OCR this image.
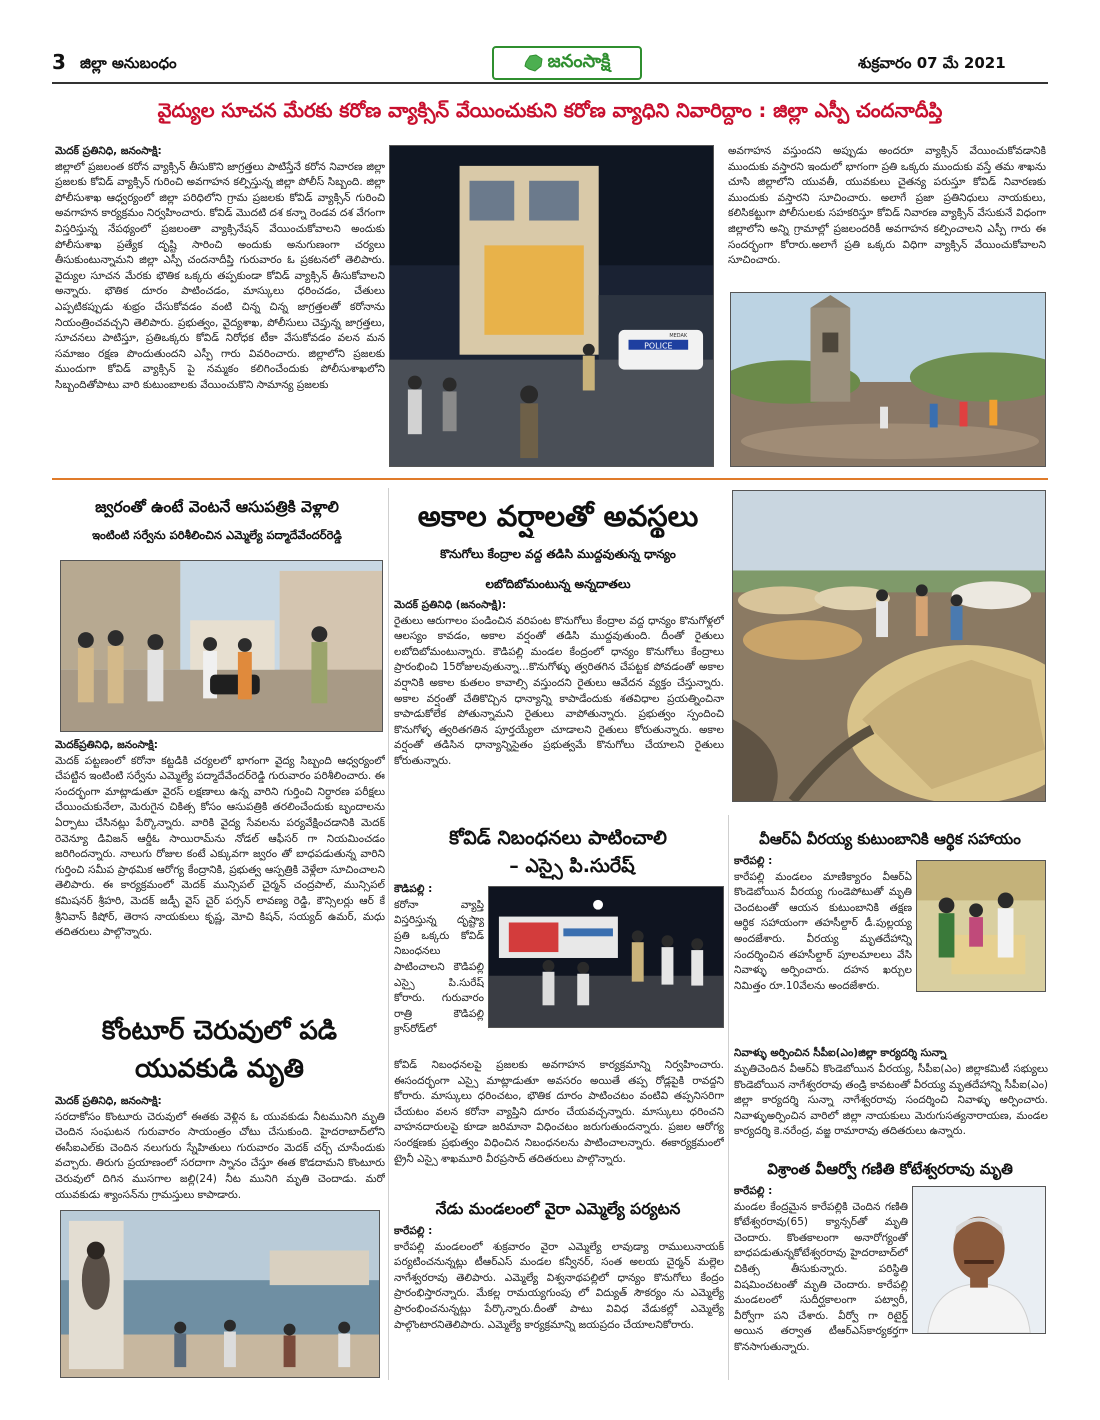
3 జిల్లా అనుబంధం	జనంసాక్షి	శుక్రవారం 07 మే 2021
వైద్యుల సూచన మేరకు కరోణ వ్యాక్సిన్ వేయించుకుని కరోణ వ్యాధిని నివారిద్దాం : జిల్లా ఎస్పీ చందనాదీప్తి
మెదక్ ప్రతినిధి, జనంసాక్షి:
జిల్లాలో ప్రజలంత కరోన వ్యాక్సిన్ తీసుకొని జాగ్రత్తలు పాటిస్తేనే కరోన నివారణ జిల్లా ప్రజలకు కోవిడ్ వ్యాక్సిన్ గురించి అవగాహన కల్పిస్తున్న జిల్లా పోలీస్ సిబ్బంది. జిల్లా పోలీసుశాఖ ఆధ్వర్యంలో జిల్లా పరిధిలోని గ్రామ ప్రజలకు కోవిడ్ వ్యాక్సిన్ గురించి అవగాహన కార్యక్రమం నిర్వహించారు. కోవిడ్ మొదటి దశ కన్నా రెండవ దశ వేగంగా విస్తరిస్తున్న నేపథ్యంలో ప్రజలంతా వ్యాక్సినేషన్ వేయించుకోవాలని అందుకు పోలీసుశాఖ ప్రత్యేక దృష్టి సారించి అందుకు అనుగుణంగా చర్యలు తీసుకుంటున్నామని జిల్లా ఎస్పీ చందనాదీప్తి గురువారం ఓ ప్రకటనలో తెలిపారు. వైద్యుల సూచన మేరకు భౌతిక ఒక్కరు తప్పకుండా కోవిడ్ వ్యాక్సిన్ తీసుకోవాలని అన్నారు. భౌతిక దూరం పాటించడం, మాస్కులు ధరించడం, చేతులు ఎప్పటికప్పుడు శుభ్రం చేసుకోవడం వంటి చిన్న చిన్న జాగ్రత్తలతో కరోనాను నియంత్రించవచ్చని తెలిపారు. ప్రభుత్వం, వైద్యశాఖ, పోలీసులు చెప్తున్న జాగ్రత్తలు, సూచనలు పాటిస్తూ, ప్రతిఒక్కరు కోవిడ్ నిరోధక టీకా వేసుకోవడం వలన మన సమాజం రక్షణ పొందుతుందని ఎస్పీ గారు వివరించారు. జిల్లాలోని ప్రజలకు ముందుగా కోవిడ్ వ్యాక్సిన్ పై నమ్మకం కలిగించేందుకు పోలీసుశాఖలోని సిబ్బందితోపాటు వారి కుటుంబాలకు వేయించుకొని సామాన్య ప్రజలకు
POLICE
MEDAK
అవగాహన వస్తుందని అప్పుడు అందరూ వ్యాక్సిన్ వేయించుకోవడానికి ముందుకు వస్తారని ఇందులో భాగంగా ప్రతి ఒక్కరు ముందుకు వస్తే తమ శాఖను చూసి జిల్లాలోని యువతీ, యువకులు చైతన్య పరుస్తూ కోవిడ్ నివారణకు ముందుకు వస్తారని సూచించారు. అలాగే ప్రజా ప్రతినిధులు నాయకులు, కలిసికట్టుగా పోలీసులకు సహకరిస్తూ కోవిడ్ నివారణ వ్యాక్సిన్ వేసుకునే విధంగా జిల్లాలోని అన్ని గ్రామాల్లో ప్రజలందరికీ అవగాహన కల్పించాలని ఎస్పీ గారు ఈ సందర్భంగా కోరారు.అలాగే ప్రతి ఒక్కరు విధిగా వ్యాక్సిన్ వేయించుకోవాలని సూచించారు.
జ్వరంతో ఉంటే వెంటనే ఆసుపత్రికి వెళ్లాలి
ఇంటింటి సర్వేను పరిశీలించిన ఎమ్మెల్యే పద్మాదేవేందర్‌రెడ్డి
మెదక్‌ప్రతినిధి, జనంసాక్షి:
మెదక్ పట్టణంలో కరోనా కట్టడికి చర్యలలో భాగంగా వైద్య సిబ్బంది ఆధ్వర్యంలో చేపట్టిన ఇంటింటి సర్వేను ఎమ్మెల్యే పద్మాదేవేందర్‌రెడ్డి గురువారం పరిశీలించారు. ఈ సందర్భంగా మాట్లాడుతూ వైరస్ లక్షణాలు ఉన్న వారిని గుర్తించి నిర్ధారణ పరీక్షలు చేయించుకునేలా, మెరుగైన చికిత్స కోసం ఆసుపత్రికి తరలించేందుకు బృందాలను ఏర్పాటు చేసినట్లు పేర్కొన్నారు. వారికి వైద్య సేవలను పర్యవేక్షించడానికి మెదక్ రెవెన్యూ డివిజన్ ఆర్డీఓ సాయిరామ్‌ను నోడల్ ఆఫీసర్ గా నియమించడం జరిగిందన్నారు. నాలుగు రోజుల కంటే ఎక్కువగా జ్వరం తో బాధపడుతున్న వారిని గుర్తించి సమీప ప్రాథమిక ఆరోగ్య కేంద్రానికి, ప్రభుత్వ ఆస్పత్రికి వెళ్లేలా సూచించాలని తెలిపారు. ఈ కార్యక్రమంలో మెదక్ మున్సిపల్ చైర్మన్ చంద్రపాల్, మున్సిపల్ కమిషనర్ శ్రీహరి, మెదక్ జడ్పీ వైస్ చైర్ పర్సన్ లావణ్య రెడ్డి, కౌన్సిలర్లు ఆర్ కే శ్రీనివాస్ కిషోర్, తెరాస నాయకులు కృష్ణ, మోచి కిషన్, సయ్యద్ ఉమర్, మధు తదితరులు పాల్గొన్నారు.
కోంటూర్ చెరువులో పడి
యువకుడి మృతి
మెదక్ ప్రతినిధి, జనంసాక్షి:
సరదాకోసం కొంటూరు చెరువులో ఈతకు వెళ్లిన ఓ యువకుడు నీటమునిగి మృతి చెందిన సంఘటన గురువారం సాయంత్రం చోటు చేసుకుంది. హైదరాబాద్‌లోని ఈసీఐఎల్‌కు చెందిన నలుగురు స్నేహితులు గురువారం మెదక్ చర్చ్ చూసేందుకు వచ్చారు. తిరుగు ప్రయాణంలో సరదాగా స్నానం చేస్తూ ఈత కొడదామని కొంటూరు చెరువులో దిగిన ముసగాల జల్లి(24) నీట మునిగి మృతి చెందాడు. మరో యువకుడు శ్యాంసన్‌ను గ్రామస్తులు కాపాడారు.
అకాల వర్షాలతో అవస్థలు
కొనుగోలు కేంద్రాల వద్ద తడిసి ముద్దవుతున్న ధాన్యం
లబోదిబోమంటున్న అన్నదాతలు
మెదక్ ప్రతినిధి (జనంసాక్షి):
రైతులు ఆరుగాలం పండించిన వరిపంట కొనుగోలు కేంద్రాల వద్ద ధాన్యం కొనుగోళ్లలో ఆలస్యం కావడం, అకాల వర్షంతో తడిసి ముద్దవుతుంది. దీంతో రైతులు లబోదిబోమంటున్నారు. కౌడిపల్లి మండల కేంద్రంలో ధాన్యం కొనుగోలు కేంద్రాలు ప్రారంభించి 15రోజులవుతున్నా...కొనుగోళ్ళు త్వరితగిన చేపట్టక పోవడంతో అకాల వర్షానికి అకాల కుతలం కావాల్సి వస్తుందని రైతులు ఆవేదన వ్యక్తం చేస్తున్నారు. అకాల వర్షంతో చేతికొచ్చిన ధాన్యాన్ని కాపాడేందుకు శతవిధాల ప్రయత్నించినా కాపాడుకోలేక పోతున్నామని రైతులు వాపోతున్నారు. ప్రభుత్వం స్పందించి కొనుగోళ్ళ త్వరితగతిన పూర్తయ్యేలా చూడాలని రైతులు కోరుతున్నారు. అకాల వర్షంతో తడిసిన ధాన్యాన్నిసైతం ప్రభుత్వమే కొనుగోలు చేయాలని రైతులు కోరుతున్నారు.
కోవిడ్ నిబంధనలు పాటించాలి
– ఎస్సై పి.సురేష్
కౌడిపల్లి :
కరోనా వ్యాప్తి విస్తరిస్తున్న దృష్ట్యా ప్రతి ఒక్కరు కోవిడ్ నిబంధనలు పాటించాలని కౌడిపల్లి ఎస్సై పి.సురేష్ కోరారు. గురువారం రాత్రి కౌడిపల్లి క్రాస్‌రోడ్‌లో
కోవిడ్ నిబంధనలపై ప్రజలకు అవగాహన కార్యక్రమాన్ని నిర్వహించారు. ఈసందర్భంగా ఎస్సై మాట్లాడుతూ అవసరం అయితే తప్ప రోడ్లపైకి రావద్దని కోరారు. మాస్కులు ధరించటం, భౌతిక దూరం పాటించటం వంటివి తప్పనిసరిగా చేయటం వలన కరోనా వ్యాప్తిని దూరం చేయవచ్చన్నారు. మాస్కులు ధరించని వాహనదారులపై కూడా జరిమానా విధించటం జరుగుతుందన్నారు. ప్రజల ఆరోగ్య సంరక్షణకు ప్రభుత్వం విధించిన నిబంధనలను పాటించాలన్నారు. ఈకార్యక్రమంలో ట్రైనీ ఎస్సై శాఖమూరి వీరప్రసాద్ తదితరులు పాల్గొన్నారు.
నేడు మండలంలో వైరా ఎమ్మెల్యే పర్యటన
కారేపల్లి :
కారేపల్లి మండలంలో శుక్రవారం వైరా ఎమ్మెల్యే లావుడ్యా రాములునాయక్ పర్యటించనున్నట్లు టీఆర్‌ఎస్ మండల కన్వీనర్, సంత అలయ చైర్మన్ మల్లెల నాగేశ్వరరావు తెలిపారు. ఎమ్మెల్యే విశ్వనాథపల్లిలో ధాన్యం కొనుగోలు కేంద్రం ప్రారంభిస్తారన్నారు. మేకల్ల రామయ్యగుంపు లో విద్యుత్ సౌకర్యం ను ఎమ్మెల్యే ప్రారంభించనున్నట్లు పేర్కొన్నారు.దీంతో పాటు వివిధ వేడుకల్లో ఎమ్మెల్యే పాల్గొంటారనితెలిపారు. ఎమ్మెల్యే కార్యక్రమాన్ని జయప్రదం చేయాలనికోరారు.
వీఆర్ఏ వీరయ్య కుటుంబానికి ఆర్థిక సహాయం
కారేపల్లి :
కారేపల్లి మండలం మాణిక్యారం వీఆర్‌ఏ కొండెబోయిన వీరయ్య గుండెపోటుతో మృతి చెందటంతో ఆయన కుటుంబానికి తక్షణ ఆర్థిక సహాయంగా తహసీల్దార్ డీ.పుల్లయ్య అందజేశారు. వీరయ్య మృతదేహాన్ని సందర్శించిన తహసీల్దార్ పూలమాలలు వేసి నివాళ్ళు అర్పించారు. దహన ఖర్చుల నిమిత్తం రూ.10వేలను అందజేశారు.
నివాళ్ళు అర్పించిన సీపీఐ(ఎం)జిల్లా కార్యదర్శి సున్నా
మృతిచెందిన వీఆర్‌ఏ కొండెబోయిన వీరయ్య, సీపీఐ(ఎం) జిల్లాకమిటీ సభ్యులు కొండెబోయిన నాగేశ్వరరావు తండ్రి కావటంతో వీరయ్య మృతదేహాన్ని సీపీఐ(ఎం) జిల్లా కార్యదర్శి సున్నా నాగేశ్వరరావు సందర్శించి నివాళ్ళు అర్పించారు. నివాళ్ళుఅర్పించిన వారిలో జిల్లా నాయకులు మెరుగుసత్యనారాయణ, మండల కార్యదర్శి కె.నరేంద్ర, వజ్జ రామారావు తదితరులు ఉన్నారు.
విశ్రాంత వీఆర్వో గణితి కోటేశ్వరరావు మృతి
కారేపల్లి :
మండల కేంద్రమైన కారేపల్లికి చెందిన గణితి కోటేశ్వరరావు(65) క్యాన్సర్‌తో మృతి చెందారు. కొంతకాలంగా అనారోగ్యంతో బాధపడుతున్నకోటేశ్వరరావు హైదరాబాద్‌లో చికిత్స తీసుకున్నారు. పరిస్థితి విషమించటంతో మృతి చెందారు. కారేపల్లి మండలంలో సుదీర్ఘకాలంగా పట్వారీ, వీర్వోగా పని చేశారు. వీర్వో గా రిటైర్డ్ అయిన తర్వాత టీఆర్‌ఎస్‌కార్యకర్తగా కొనసాగుతున్నారు.
